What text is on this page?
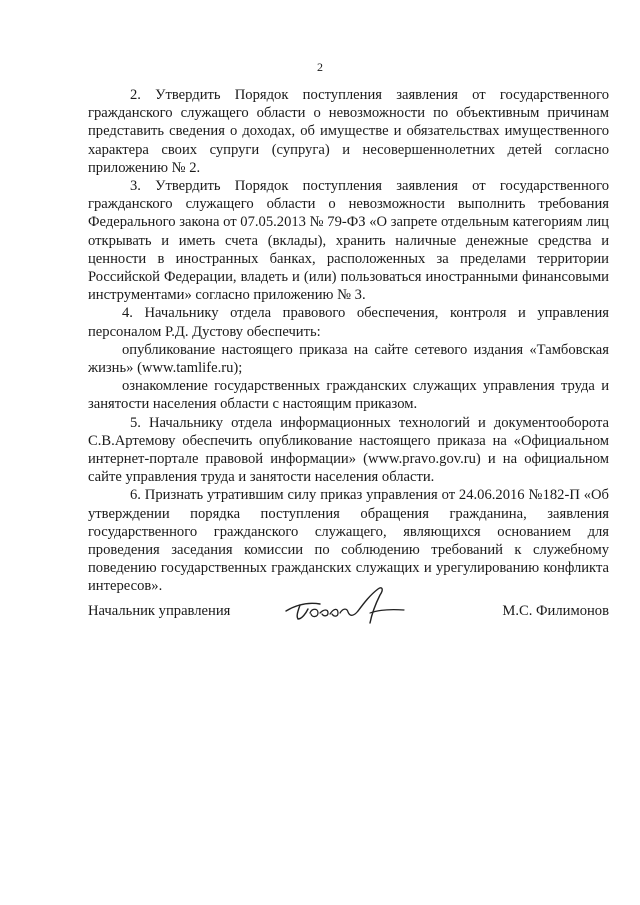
2

2. Утвердить Порядок поступления заявления от государственного гражданского служащего области о невозможности по объективным причинам представить сведения о доходах, об имуществе и обязательствах имущественного характера своих супруги (супруга) и несовершеннолетних детей согласно приложению № 2.

3. Утвердить Порядок поступления заявления от государственного гражданского служащего области о невозможности выполнить требования Федерального закона от 07.05.2013 № 79-ФЗ «О запрете отдельным категориям лиц открывать и иметь счета (вклады), хранить наличные денежные средства и ценности в иностранных банках, расположенных за пределами территории Российской Федерации, владеть и (или) пользоваться иностранными финансовыми инструментами» согласно приложению № 3.

4. Начальнику отдела правового обеспечения, контроля и управления персоналом Р.Д. Дустову обеспечить:

опубликование настоящего приказа на сайте сетевого издания «Тамбовская жизнь» (www.tamlife.ru);

ознакомление государственных гражданских служащих управления труда и занятости населения области с настоящим приказом.

5. Начальнику отдела информационных технологий и документооборота С.В.Артемову обеспечить опубликование настоящего приказа на «Официальном интернет-портале правовой информации» (www.pravo.gov.ru) и на официальном сайте управления труда и занятости населения области.

6. Признать утратившим силу приказ управления от 24.06.2016 №182-П «Об утверждении порядка поступления обращения гражданина, заявления государственного гражданского служащего, являющихся основанием для проведения заседания комиссии по соблюдению требований к служебному поведению государственных гражданских служащих и урегулированию конфликта интересов».

Начальник управления	М.С. Филимонов
